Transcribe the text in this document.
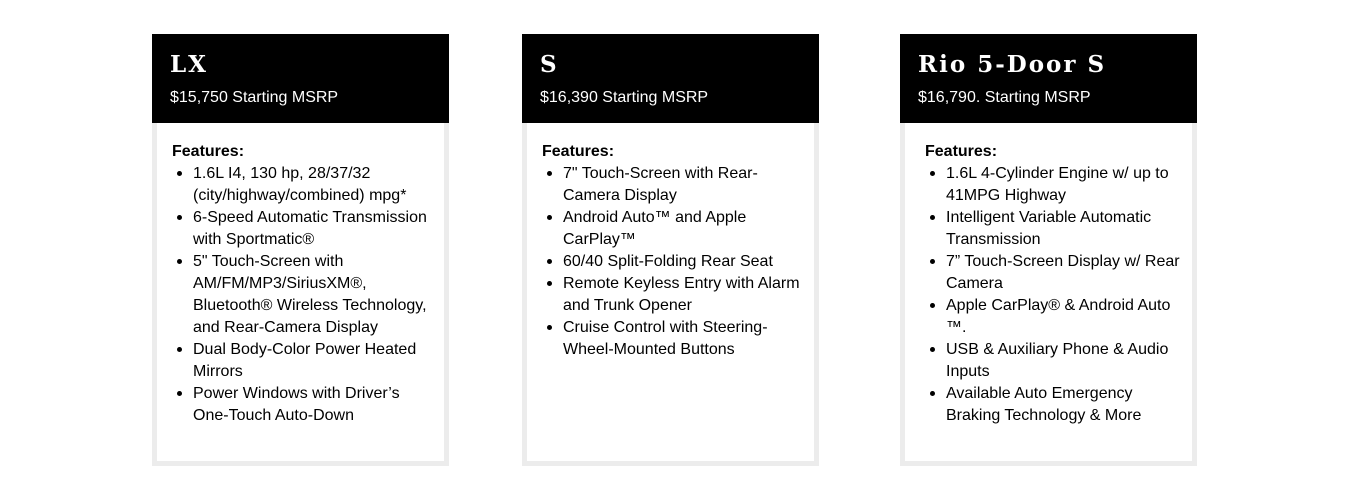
LX
$15,750 Starting MSRP

Features:

1.6L I4, 130 hp, 28/37/32 (city/highway/combined) mpg*
6-Speed Automatic Transmission with Sportmatic®
5" Touch-Screen with AM/FM/MP3/SiriusXM®, Bluetooth® Wireless Technology, and Rear-Camera Display
Dual Body-Color Power Heated Mirrors
Power Windows with Driver’s One-Touch Auto-Down
S
$16,390 Starting MSRP

Features:

7" Touch-Screen with Rear-Camera Display
Android Auto™ and Apple CarPlay™
60/40 Split-Folding Rear Seat
Remote Keyless Entry with Alarm and Trunk Opener
Cruise Control with Steering-Wheel-Mounted Buttons
Rio 5-Door S
$16,790. Starting MSRP

Features:

1.6L 4-Cylinder Engine w/ up to 41MPG Highway
Intelligent Variable Automatic Transmission
7” Touch-Screen Display w/ Rear Camera
Apple CarPlay® & Android Auto ™.
USB & Auxiliary Phone & Audio Inputs
Available Auto Emergency Braking Technology & More
